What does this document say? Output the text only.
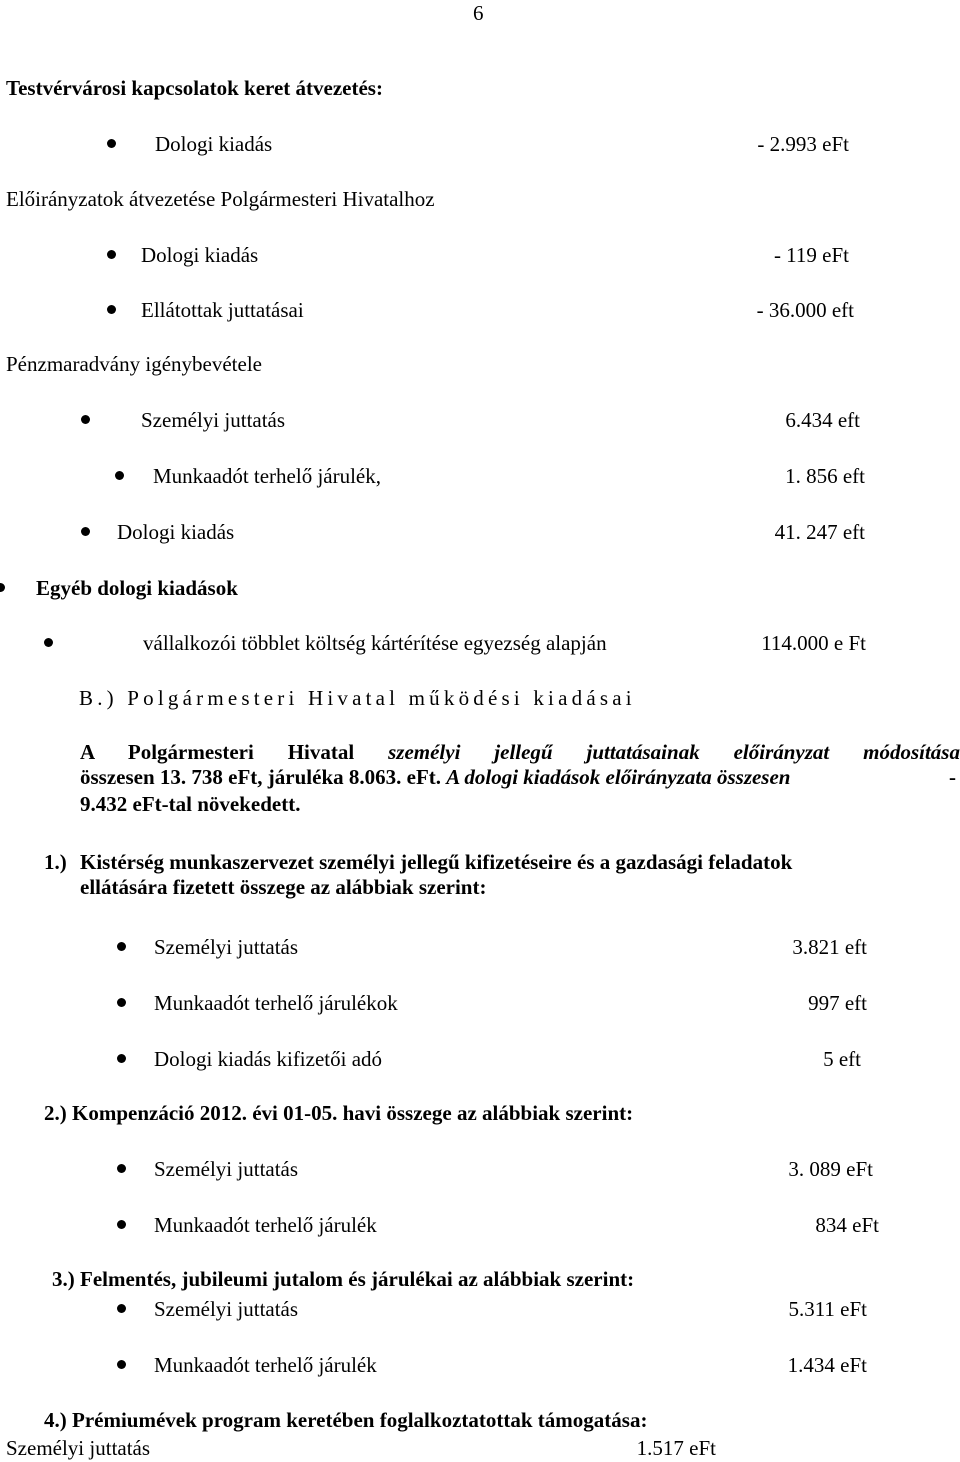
6
Testvérvárosi kapcsolatok keret átvezetés:
Dologi kiadás	- 2.993 eFt
Előirányzatok átvezetése Polgármesteri Hivatalhoz
Dologi kiadás	- 119 eFt
Ellátottak juttatásai	- 36.000 eft
Pénzmaradvány igénybevétele
Személyi juttatás	6.434 eft
Munkaadót terhelő járulék,	1. 856 eft
Dologi kiadás	41. 247 eft
Egyéb dologi kiadások
vállalkozói többlet költség kártérítése egyezség alapján	114.000 e Ft
B.) Polgármesteri Hivatal működési kiadásai
A Polgármesteri Hivatal személyi jellegű juttatásainak előirányzat módosítása
összesen 13. 738 eFt, járuléka 8.063. eFt. A dologi kiadások előirányzata összesen	-
9.432 eFt-tal növekedett.
1.) Kistérség munkaszervezet személyi jellegű kifizetéseire és a gazdasági feladatok
ellátására fizetett összege az alábbiak szerint:
Személyi juttatás	3.821 eft
Munkaadót terhelő járulékok	997 eft
Dologi kiadás kifizetői adó	5 eft
2.) Kompenzáció 2012. évi 01-05. havi összege az alábbiak szerint:
Személyi juttatás	3. 089 eFt
Munkaadót terhelő járulék	834 eFt
3.) Felmentés, jubileumi jutalom és járulékai az alábbiak szerint:
Személyi juttatás	5.311 eFt
Munkaadót terhelő járulék	1.434 eFt
4.) Prémiumévek program keretében foglalkoztatottak támogatása:
Személyi juttatás	1.517 eFt
